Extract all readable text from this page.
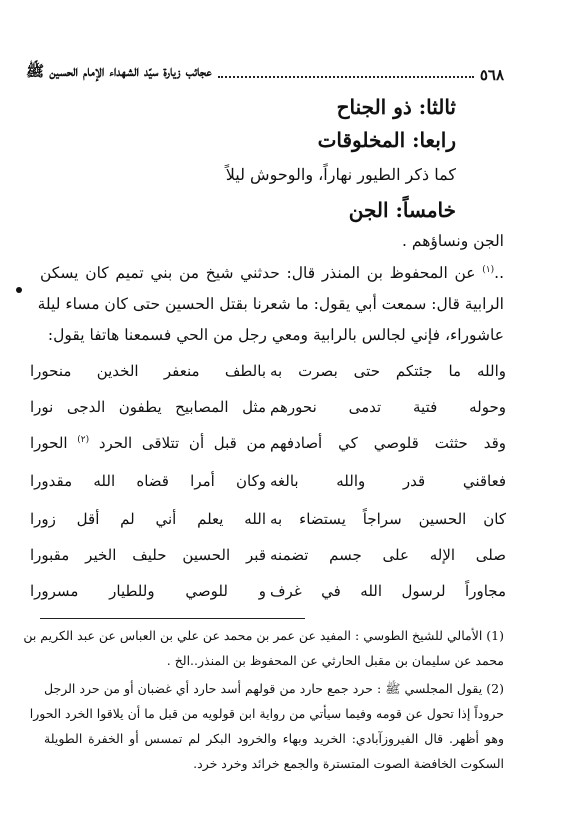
٥٦٨
عجائب زيارة سيّد الشهداء الإمام الحسين ﷺ
ثالثا: ذو الجناح
رابعا: المخلوقات
كما ذكر الطيور نهاراً، والوحوش ليلاً
خامساً: الجن
الجن ونساؤهم .
..$^{(١)}$ عن المحفوظ بن المنذر قال: حدثني شيخ من بني تميم كان يسكن
الرابية قال: سمعت أبي يقول: ما شعرنا بقتل الحسين حتى كان مساء ليلة
عاشوراء، فإني لجالس بالرابية ومعي رجل من الحي فسمعنا هاتفا يقول:
والله ما جئتكم حتى بصرت به
بالطف منعفر الخدين منحورا
وحوله فتية تدمى نحورهم
مثل المصابيح يطفون الدجى نورا
وقد حثثت قلوصي كي أصادفهم
من قبل أن تتلاقى الحرد $^{(٢)}$ الحورا
فعاقني قدر والله بالغه
وكان أمرا قضاه الله مقدورا
كان الحسين سراجاً يستضاء به
الله يعلم أني لم أقل زورا
صلى الإله على جسم تضمنه
قبر الحسين حليف الخير مقبورا
مجاوراً لرسول الله في غرف
و للوصي وللطيار مسرورا
(1) الأمالي للشيخ الطوسي : المفيد عن عمر بن محمد عن علي بن العباس عن عبد الكريم بن
محمد عن سليمان بن مقبل الحارثي عن المحفوظ بن المنذر..الخ .
(2) يقول المجلسي ﷺ : حرد جمع حارد من قولهم أسد حارد أي غضبان أو من حرد الرجل
حروداً إذا تحول عن قومه وفيما سيأتي من رواية ابن قولويه من قبل ما أن يلاقوا الخرد الحورا
وهو أظهر. قال الفيروزآبادي: الخريد وبهاء والخرود البكر لم تمسس أو الخفرة الطويلة
السكوت الخافضة الصوت المتسترة والجمع خرائد وخرد خرد.
